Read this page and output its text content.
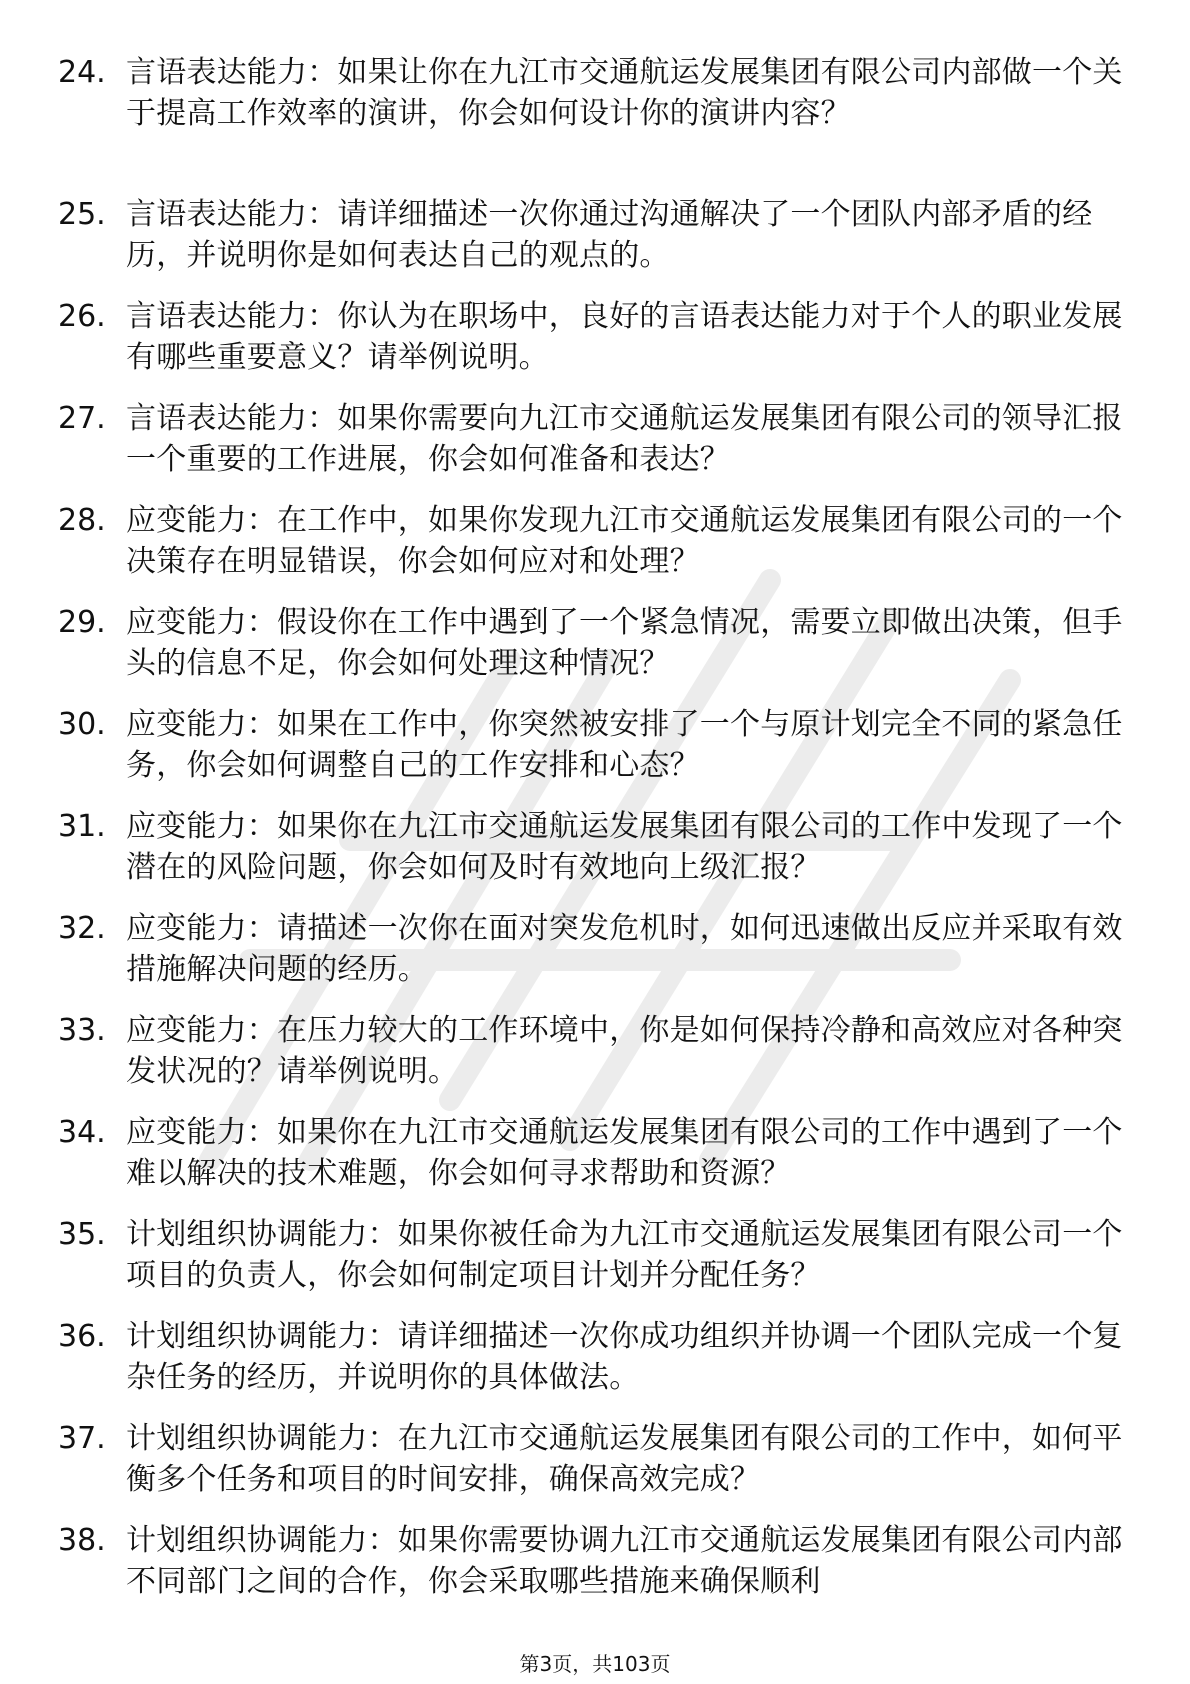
24. 言语表达能力：如果让你在九江市交通航运发展集团有限公司内部做一个关于提高工作效率的演讲，你会如何设计你的演讲内容？
25. 言语表达能力：请详细描述一次你通过沟通解决了一个团队内部矛盾的经历，并说明你是如何表达自己的观点的。
26. 言语表达能力：你认为在职场中，良好的言语表达能力对于个人的职业发展有哪些重要意义？请举例说明。
27. 言语表达能力：如果你需要向九江市交通航运发展集团有限公司的领导汇报一个重要的工作进展，你会如何准备和表达？
28. 应变能力：在工作中，如果你发现九江市交通航运发展集团有限公司的一个决策存在明显错误，你会如何应对和处理？
29. 应变能力：假设你在工作中遇到了一个紧急情况，需要立即做出决策，但手头的信息不足，你会如何处理这种情况？
30. 应变能力：如果在工作中，你突然被安排了一个与原计划完全不同的紧急任务，你会如何调整自己的工作安排和心态？
31. 应变能力：如果你在九江市交通航运发展集团有限公司的工作中发现了一个潜在的风险问题，你会如何及时有效地向上级汇报？
32. 应变能力：请描述一次你在面对突发危机时，如何迅速做出反应并采取有效措施解决问题的经历。
33. 应变能力：在压力较大的工作环境中，你是如何保持冷静和高效应对各种突发状况的？请举例说明。
34. 应变能力：如果你在九江市交通航运发展集团有限公司的工作中遇到了一个难以解决的技术难题，你会如何寻求帮助和资源？
35. 计划组织协调能力：如果你被任命为九江市交通航运发展集团有限公司一个项目的负责人，你会如何制定项目计划并分配任务？
36. 计划组织协调能力：请详细描述一次你成功组织并协调一个团队完成一个复杂任务的经历，并说明你的具体做法。
37. 计划组织协调能力：在九江市交通航运发展集团有限公司的工作中，如何平衡多个任务和项目的时间安排，确保高效完成？
38. 计划组织协调能力：如果你需要协调九江市交通航运发展集团有限公司内部不同部门之间的合作，你会采取哪些措施来确保顺利
第3页，共103页
